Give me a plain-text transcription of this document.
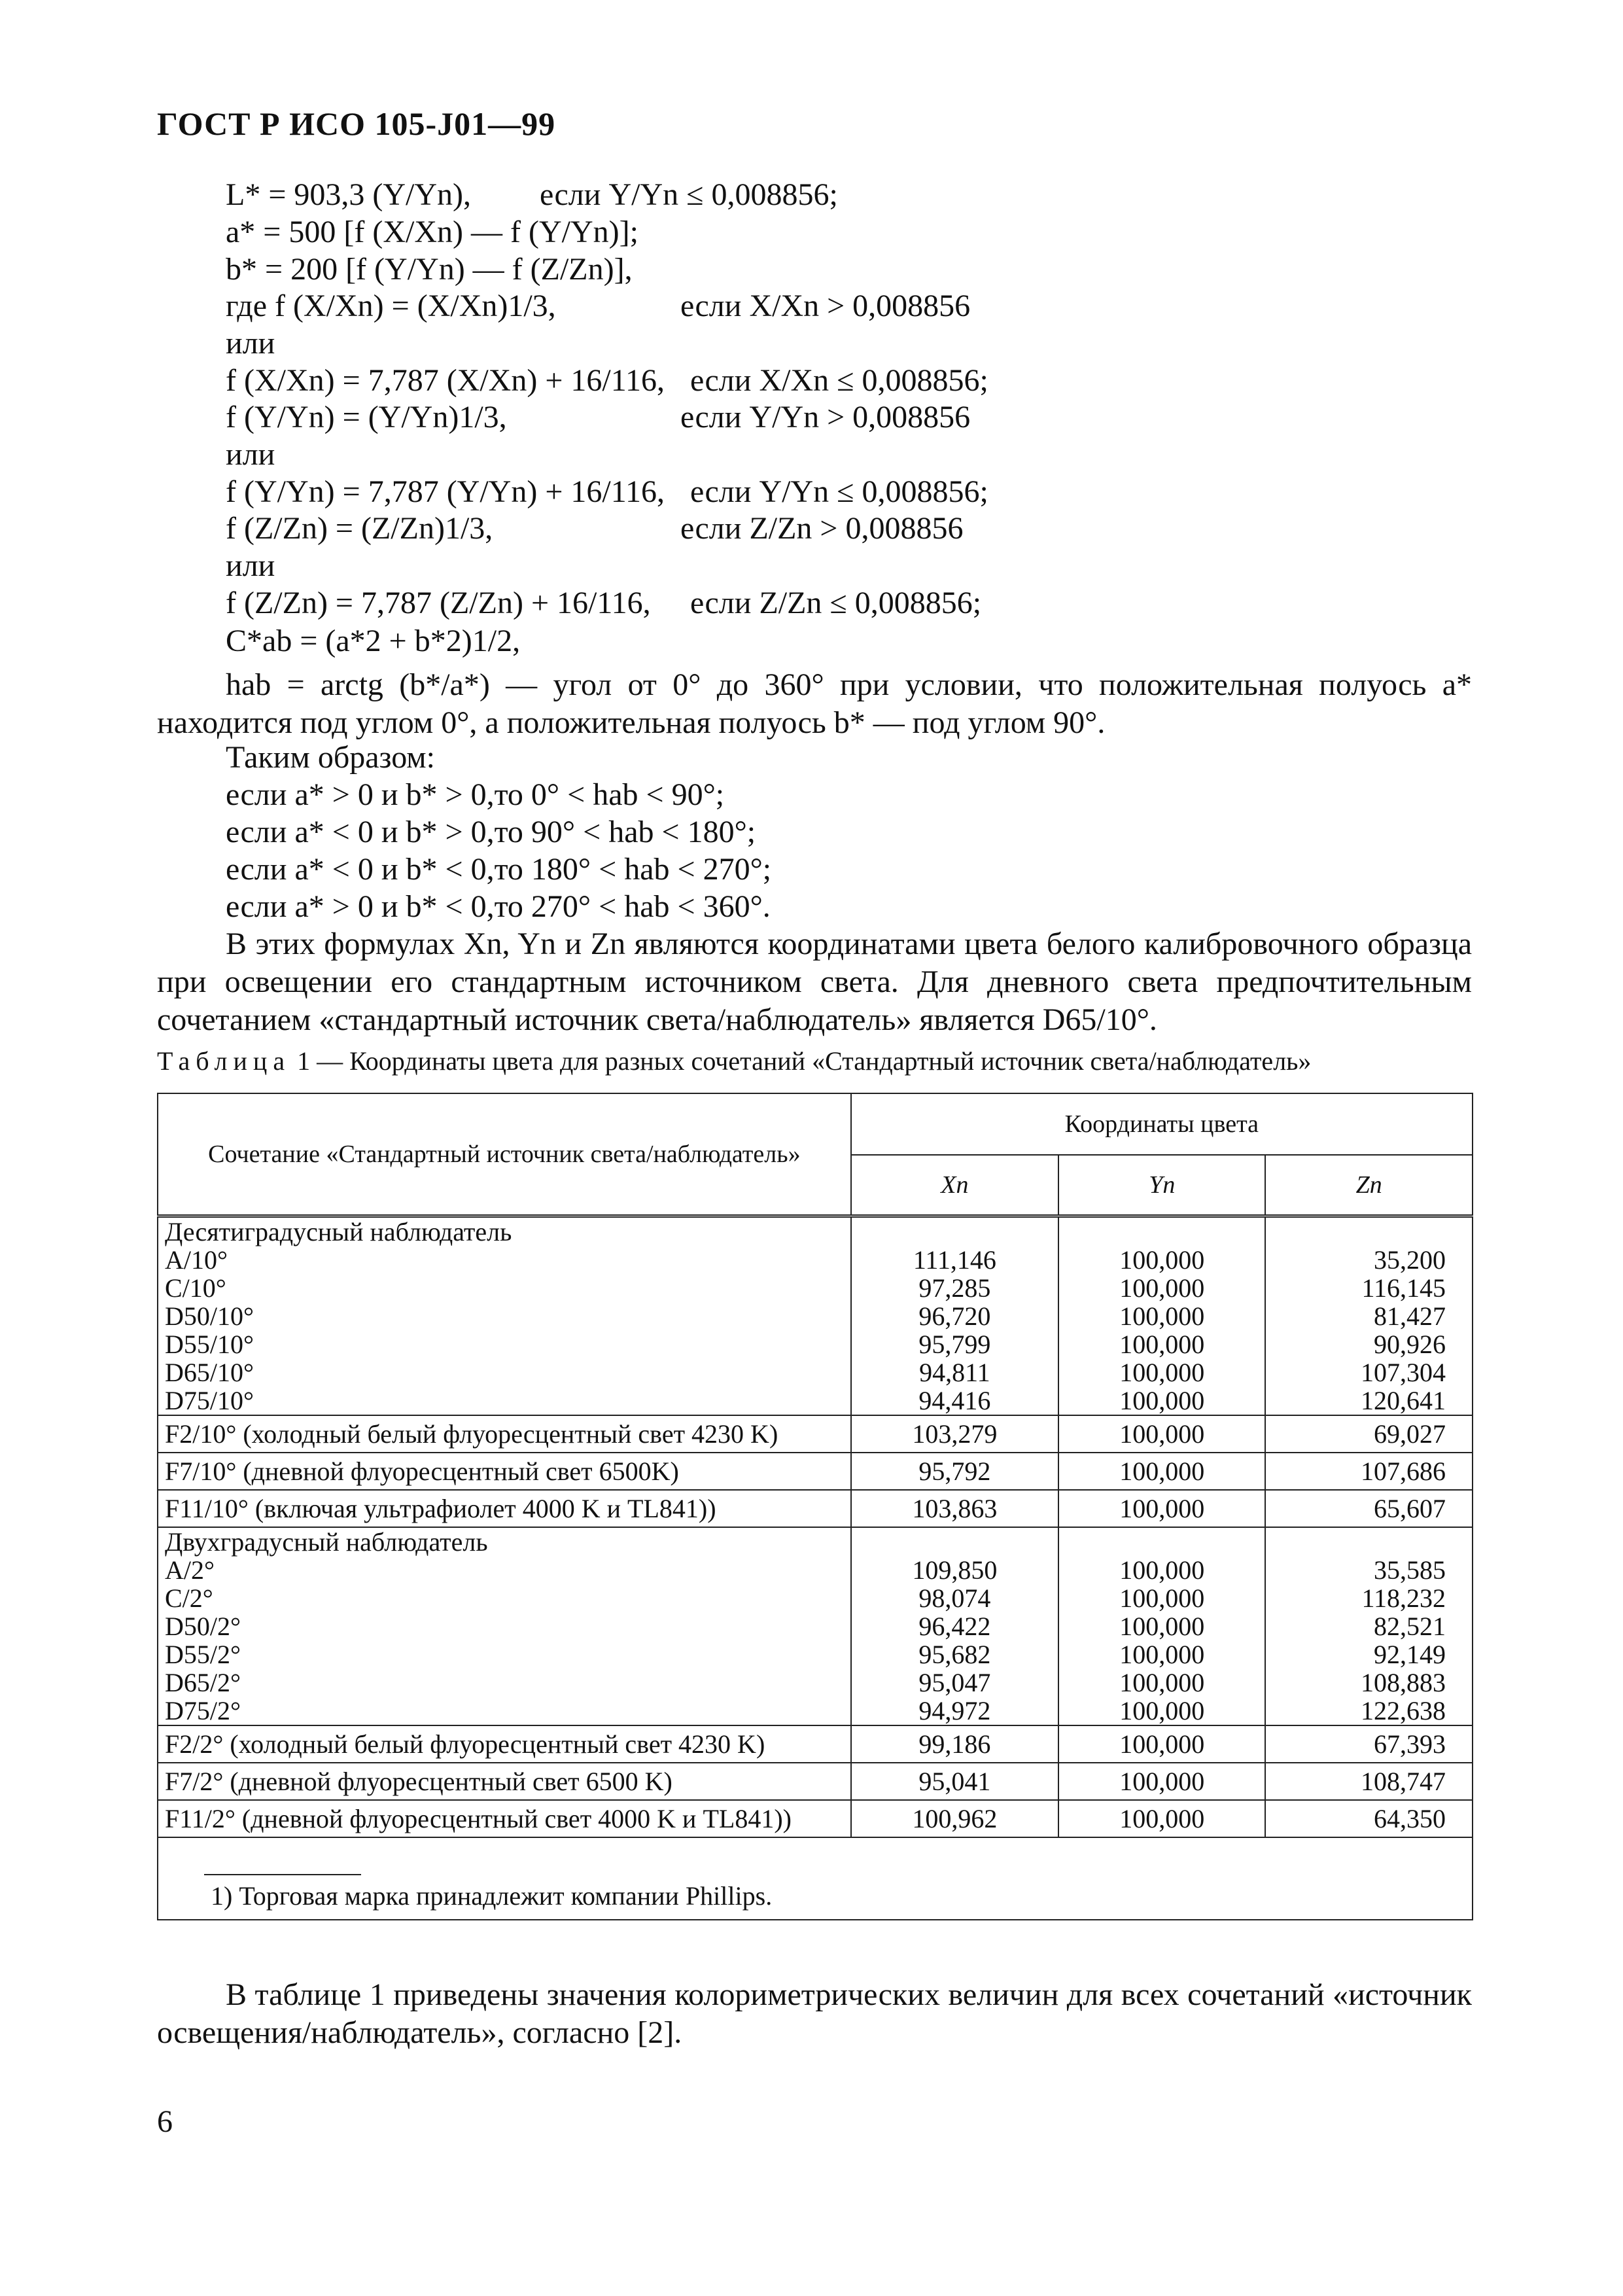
ГОСТ Р ИСО 105-J01—99
L* = 903,3 (Y/Yn), если Y/Yn ≤ 0,008856;
a* = 500 [f (X/Xn) — f (Y/Yn)];
b* = 200 [f (Y/Yn) — f (Z/Zn)],
где f (X/Xn) = (X/Xn)1/3,	если X/Xn > 0,008856
или
f (X/Xn) = 7,787 (X/Xn) + 16/116, если X/Xn ≤ 0,008856;
f (Y/Yn) = (Y/Yn)1/3,	если Y/Yn > 0,008856
или
f (Y/Yn) = 7,787 (Y/Yn) + 16/116, если Y/Yn ≤ 0,008856;
f (Z/Zn) = (Z/Zn)1/3,	если Z/Zn > 0,008856
или
f (Z/Zn) = 7,787 (Z/Zn) + 16/116, если Z/Zn ≤ 0,008856;
C*ab = (a*2 + b*2)1/2,
hab = arctg (b*/a*) — угол от 0° до 360° при условии, что положительная полуось a* находится под углом 0°, а положительная полуось b* — под углом 90°.
Таким образом:
если a* > 0 и b* > 0,то 0° < hab < 90°;
если a* < 0 и b* > 0,то 90° < hab < 180°;
если a* < 0 и b* < 0,то 180° < hab < 270°;
если a* > 0 и b* < 0,то 270° < hab < 360°.
В этих формулах Xn, Yn и Zn являются координатами цвета белого калибровочного образца при освещении его стандартным источником света. Для дневного света предпочтительным сочетанием «стандартный источник света/наблюдатель» является D65/10°.
Таблица 1 — Координаты цвета для разных сочетаний «Стандартный источник света/наблюдатель»
Сочетание «Стандартный источник света/наблюдатель»	Координаты цвета		
	Xn	Yn	Zn
Десятиградусный наблюдатель			
A/10°	111,146	100,000	35,200
C/10°	97,285	100,000	116,145
D50/10°	96,720	100,000	81,427
D55/10°	95,799	100,000	90,926
D65/10°	94,811	100,000	107,304
D75/10°	94,416	100,000	120,641
F2/10° (холодный белый флуоресцентный свет 4230 K)	103,279	100,000	69,027
F7/10° (дневной флуоресцентный свет 6500K)	95,792	100,000	107,686
F11/10° (включая ультрафиолет 4000 K и TL841))	103,863	100,000	65,607
Двухградусный наблюдатель			
A/2°	109,850	100,000	35,585
C/2°	98,074	100,000	118,232
D50/2°	96,422	100,000	82,521
D55/2°	95,682	100,000	92,149
D65/2°	95,047	100,000	108,883
D75/2°	94,972	100,000	122,638
F2/2° (холодный белый флуоресцентный свет 4230 K)	99,186	100,000	67,393
F7/2° (дневной флуоресцентный свет 6500 K)	95,041	100,000	108,747
F11/2° (дневной флуоресцентный свет 4000 K и TL841))	100,962	100,000	64,350

1) Торговая марка принадлежит компании Phillips.			
В таблице 1 приведены значения колориметрических величин для всех сочетаний «источник освещения/наблюдатель», согласно [2].
6
